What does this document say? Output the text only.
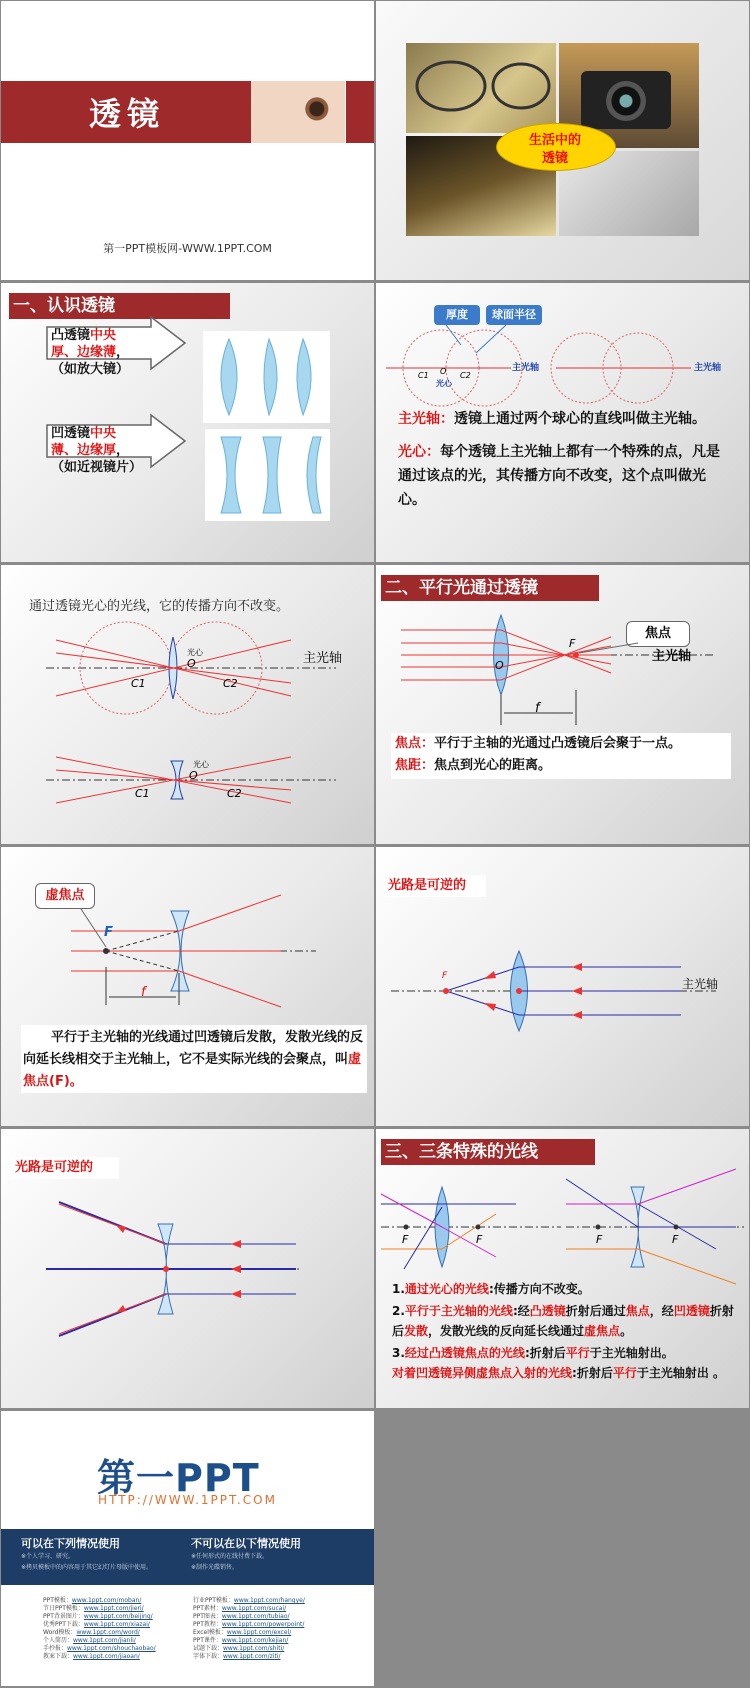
透镜
第一PPT模板网-WWW.1PPT.COM
生活中的
透镜
一、认识透镜
凸透镜中央
厚、边缘薄，
（如放大镜）
凹透镜中央
薄、边缘厚，
（如近视镜片）
厚度	球面半径
主光轴	主光轴
C1 O
光心
C2
主光轴：透镜上通过两个球心的直线叫做主光轴。
光心：每个透镜上主光轴上都有一个特殊的点，凡是通过该点的光，其传播方向不改变，这个点叫做光心。
通过透镜光心的光线，它的传播方向不改变。
主光轴
光心
O
C1	C2
光心
O
C1	C2
二、平行光通过透镜
焦点
主光轴
F
O
f
焦点：平行于主轴的光通过凸透镜后会聚于一点。
焦距：焦点到光心的距离。
虚焦点
F
f
平行于主光轴的光线通过凹透镜后发散，发散光线的反向延长线相交于主光轴上，它不是实际光线的会聚点，叫虚焦点(F)。
光路是可逆的
主光轴
F
光路是可逆的
三、三条特殊的光线
F	F	F	F
1.通过光心的光线:传播方向不改变。
2.平行于主光轴的光线:经凸透镜折射后通过焦点，经凹透镜折射后发散，发散光线的反向延长线通过虚焦点。
3.经过凸透镜焦点的光线:折射后平行于主光轴射出。
对着凹透镜异侧虚焦点入射的光线:折射后平行于主光轴射出 。
第一PPT
HTTP://WWW.1PPT.COM
可以在下列情况使用
※个人学习、研究。
※拷贝模板中的内容用于其它幻灯片母版中使用。
不可以在以下情况使用
※任何形式的在线付费下载。
※制作光碟销售。
PPT模板：www.1ppt.com/moban/
节日PPT模板：www.1ppt.com/jieri/
PPT背景图片：www.1ppt.com/beijing/
优秀PPT下载：www.1ppt.com/xiazai/
Word模板：www.1ppt.com/word/
个人简历：www.1ppt.com/jianli/
手抄报：www.1ppt.com/shouchaobao/
教案下载：www.1ppt.com/jiaoan/
行业PPT模板：www.1ppt.com/hangye/
PPT素材：www.1ppt.com/sucai/
PPT图表：www.1ppt.com/tubiao/
PPT教程：www.1ppt.com/powerpoint/
Excel模板：www.1ppt.com/excel/
PPT课件：www.1ppt.com/kejian/
试题下载：www.1ppt.com/shiti/
字体下载：www.1ppt.com/ziti/
